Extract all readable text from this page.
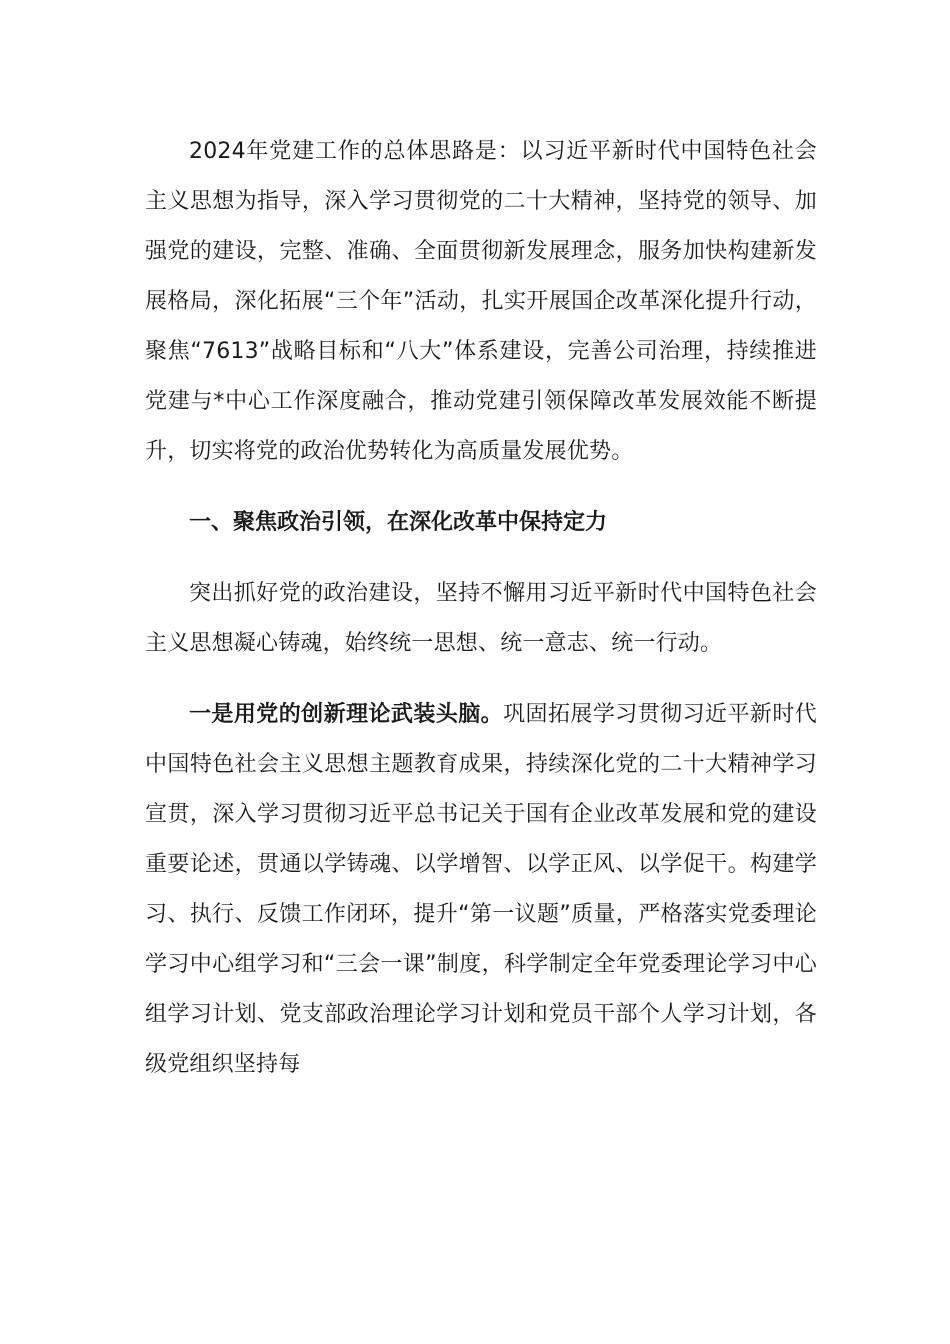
2024年党建工作的总体思路是：以习近平新时代中国特色社会主义思想为指导，深入学习贯彻党的二十大精神，坚持党的领导、加强党的建设，完整、准确、全面贯彻新发展理念，服务加快构建新发展格局，深化拓展“三个年”活动，扎实开展国企改革深化提升行动，聚焦“7613”战略目标和“八大”体系建设，完善公司治理，持续推进党建与*中心工作深度融合，推动党建引领保障改革发展效能不断提升，切实将党的政治优势转化为高质量发展优势。

一、聚焦政治引领，在深化改革中保持定力

突出抓好党的政治建设，坚持不懈用习近平新时代中国特色社会主义思想凝心铸魂，始终统一思想、统一意志、统一行动。

一是用党的创新理论武装头脑。巩固拓展学习贯彻习近平新时代中国特色社会主义思想主题教育成果，持续深化党的二十大精神学习宣贯，深入学习贯彻习近平总书记关于国有企业改革发展和党的建设重要论述，贯通以学铸魂、以学增智、以学正风、以学促干。构建学习、执行、反馈工作闭环，提升“第一议题”质量，严格落实党委理论学习中心组学习和“三会一课”制度，科学制定全年党委理论学习中心组学习计划、党支部政治理论学习计划和党员干部个人学习计划，各级党组织坚持每
